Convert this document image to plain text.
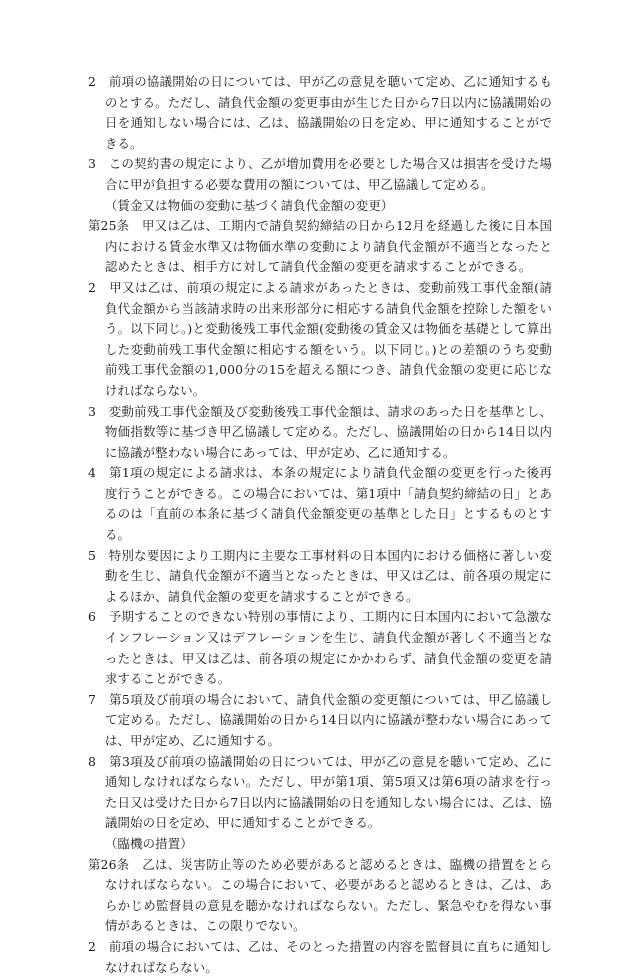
2　前項の協議開始の日については、甲が乙の意見を聴いて定め、乙に通知するものとする。ただし、請負代金額の変更事由が生じた日から7日以内に協議開始の日を通知しない場合には、乙は、協議開始の日を定め、甲に通知することができる。

3　この契約書の規定により、乙が増加費用を必要とした場合又は損害を受けた場合に甲が負担する必要な費用の額については、甲乙協議して定める。

（賃金又は物価の変動に基づく請負代金額の変更）

第25条　甲又は乙は、工期内で請負契約締結の日から12月を経過した後に日本国内における賃金水準又は物価水準の変動により請負代金額が不適当となったと認めたときは、相手方に対して請負代金額の変更を請求することができる。

2　甲又は乙は、前項の規定による請求があったときは、変動前残工事代金額(請負代金額から当該請求時の出来形部分に相応する請負代金額を控除した額をいう。以下同じ。)と変動後残工事代金額(変動後の賃金又は物価を基礎として算出した変動前残工事代金額に相応する額をいう。以下同じ。)との差額のうち変動前残工事代金額の1,000分の15を超える額につき、請負代金額の変更に応じなければならない。

3　変動前残工事代金額及び変動後残工事代金額は、請求のあった日を基準とし、物価指数等に基づき甲乙協議して定める。ただし、協議開始の日から14日以内に協議が整わない場合にあっては、甲が定め、乙に通知する。

4　第1項の規定による請求は、本条の規定により請負代金額の変更を行った後再度行うことができる。この場合においては、第1項中「請負契約締結の日」とあるのは「直前の本条に基づく請負代金額変更の基準とした日」とするものとする。

5　特別な要因により工期内に主要な工事材料の日本国内における価格に著しい変動を生じ、請負代金額が不適当となったときは、甲又は乙は、前各項の規定によるほか、請負代金額の変更を請求することができる。

6　予期することのできない特別の事情により、工期内に日本国内において急激なインフレーション又はデフレーションを生じ、請負代金額が著しく不適当となったときは、甲又は乙は、前各項の規定にかかわらず、請負代金額の変更を請求することができる。

7　第5項及び前項の場合において、請負代金額の変更額については、甲乙協議して定める。ただし、協議開始の日から14日以内に協議が整わない場合にあっては、甲が定め、乙に通知する。

8　第3項及び前項の協議開始の日については、甲が乙の意見を聴いて定め、乙に通知しなければならない。ただし、甲が第1項、第5項又は第6項の請求を行った日又は受けた日から7日以内に協議開始の日を通知しない場合には、乙は、協議開始の日を定め、甲に通知することができる。

（臨機の措置）

第26条　乙は、災害防止等のため必要があると認めるときは、臨機の措置をとらなければならない。この場合において、必要があると認めるときは、乙は、あらかじめ監督員の意見を聴かなければならない。ただし、緊急やむを得ない事情があるときは、この限りでない。

2　前項の場合においては、乙は、そのとった措置の内容を監督員に直ちに通知しなければならない。
